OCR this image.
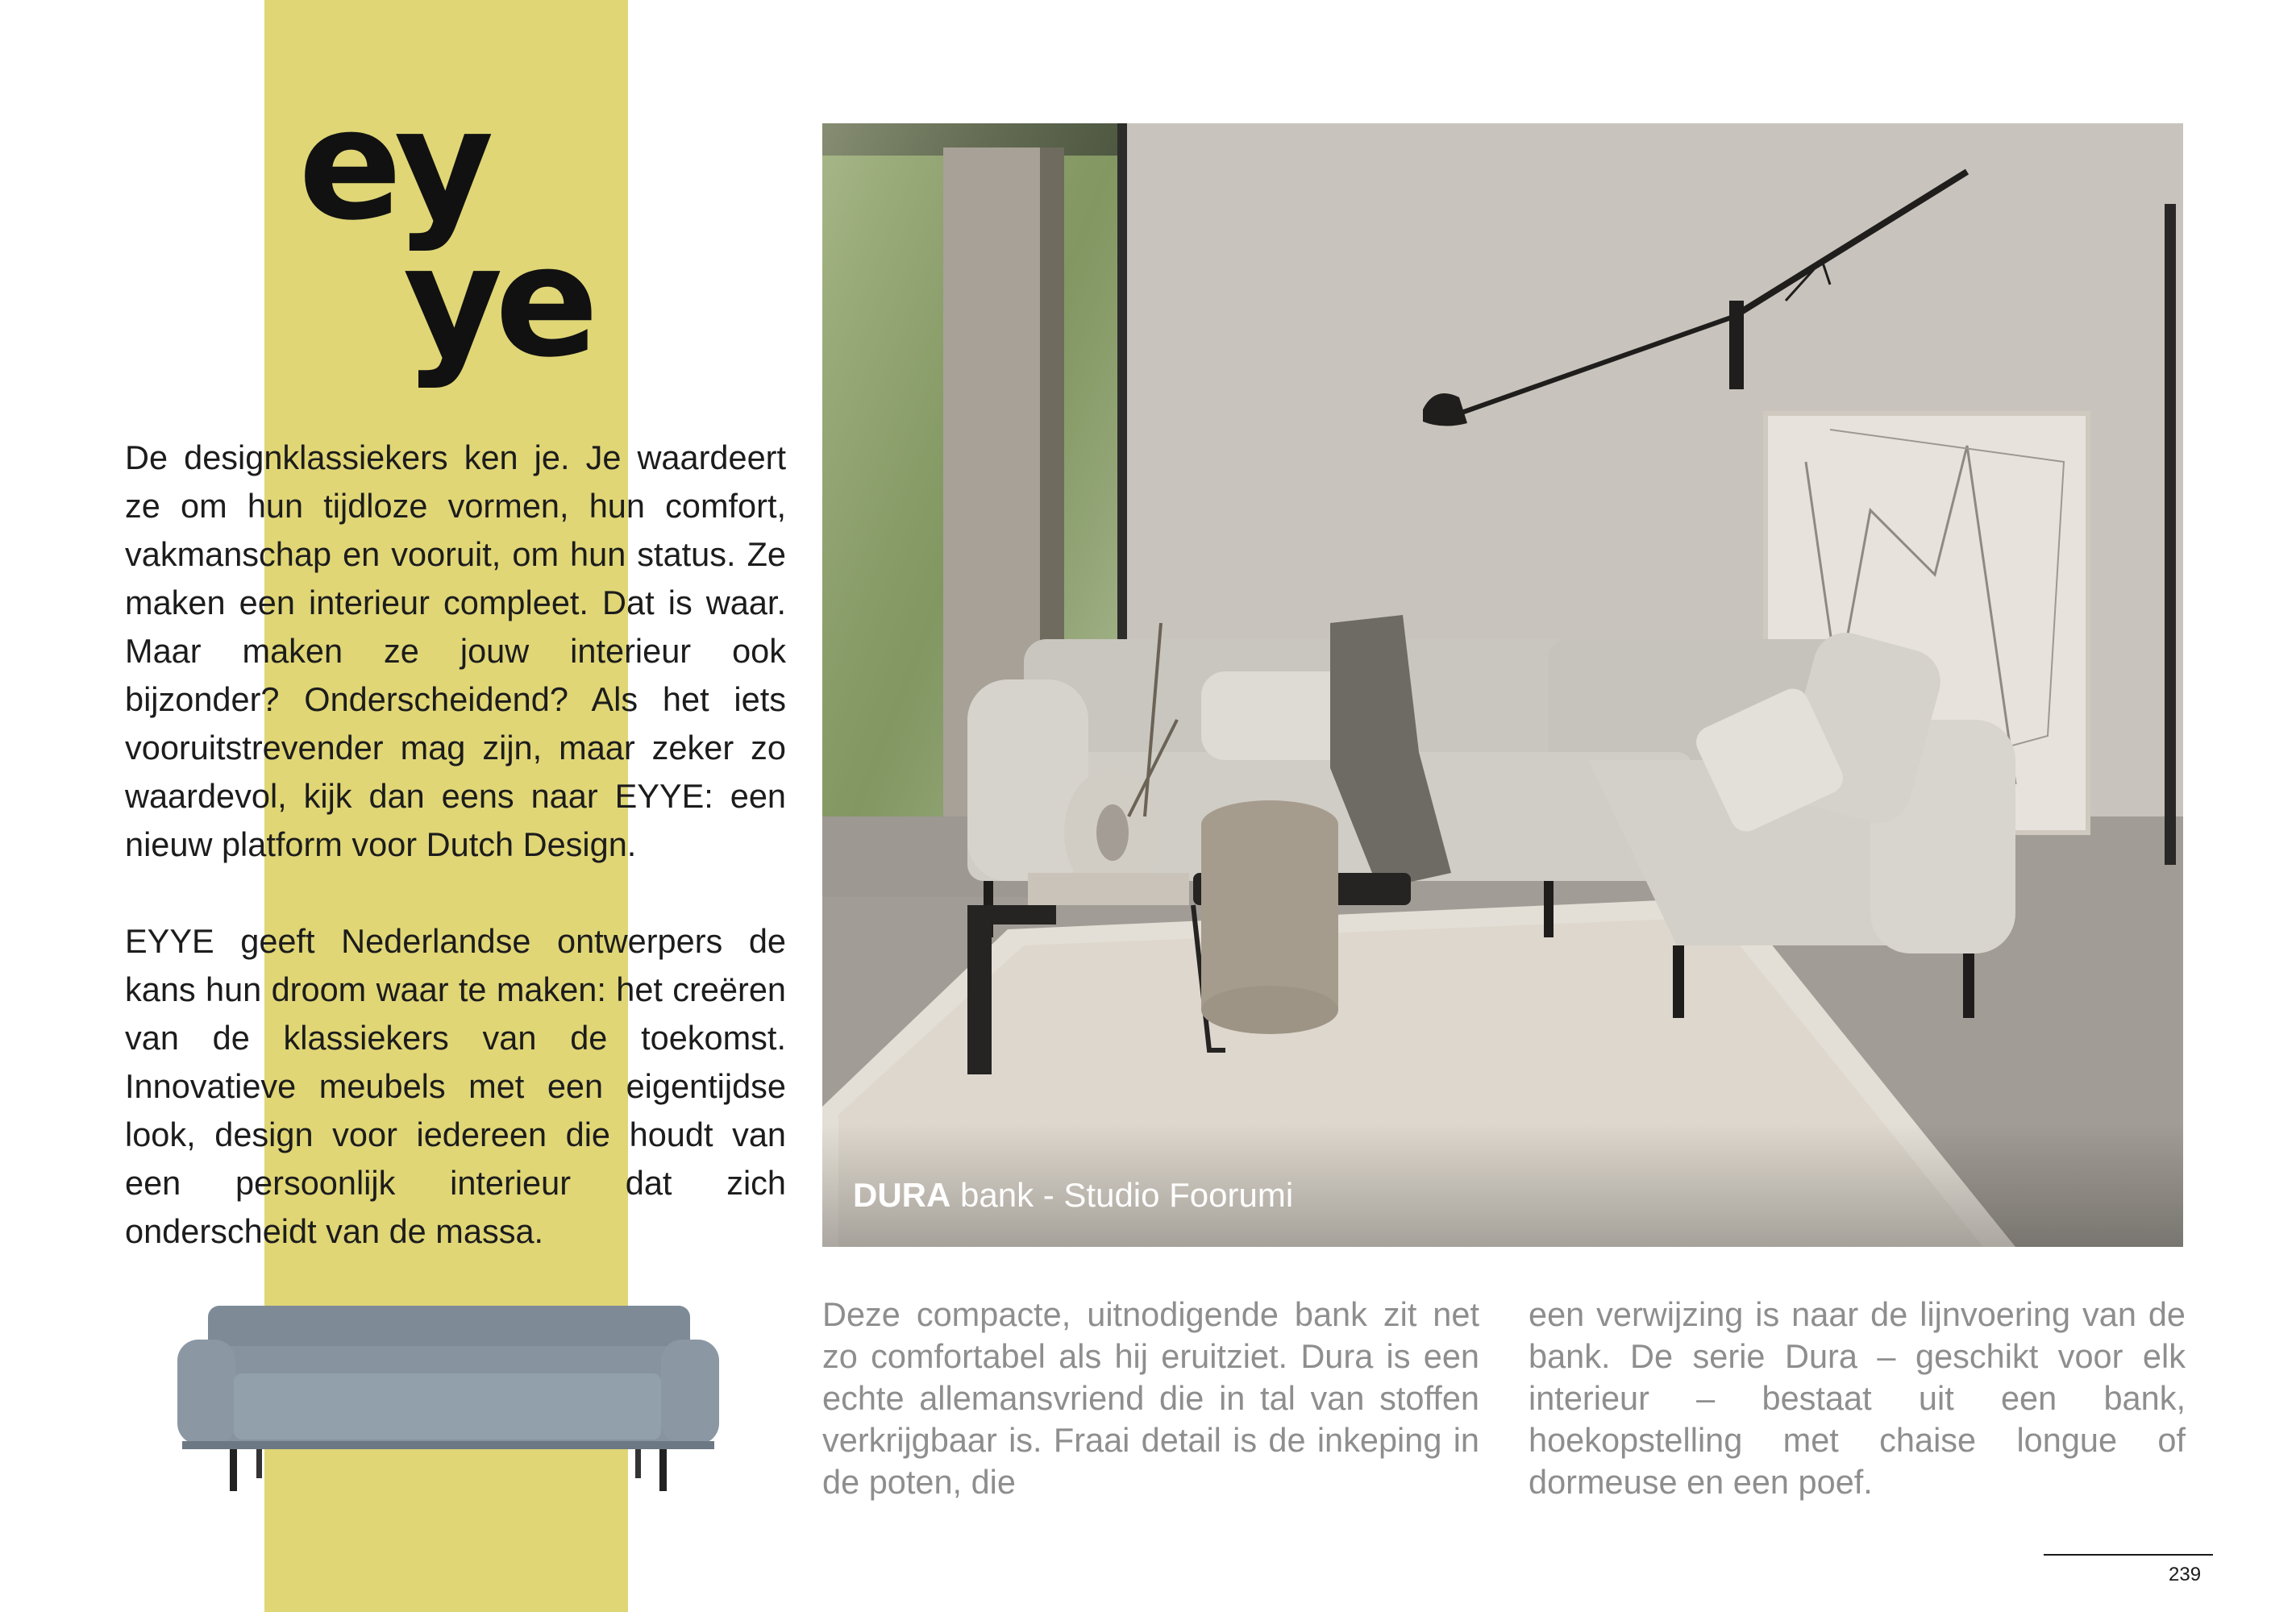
ey
ye

De designklassiekers ken je. Je waardeert ze om hun tijdloze vormen, hun comfort, vakmanschap en vooruit, om hun status. Ze maken een interieur compleet. Dat is waar. Maar maken ze jouw interieur ook bijzonder? Onderscheidend? Als het iets vooruitstrevender mag zijn, maar zeker zo waardevol, kijk dan eens naar EYYE: een nieuw platform voor Dutch Design.

EYYE geeft Nederlandse ontwerpers de kans hun droom waar te maken: het creëren van de klassiekers van de toekomst. Innovatieve meubels met een eigentijdse look, design voor iedereen die houdt van een persoonlijk interieur dat zich onderscheidt van de massa.

DURA bank - Studio Foorumi
Deze compacte, uitnodigende bank zit net zo comfortabel als hij eruitziet. Dura is een echte allemansvriend die in tal van stoffen verkrijgbaar is. Fraai detail is de inkeping in de poten, die
een verwijzing is naar de lijnvoering van de bank. De serie Dura – geschikt voor elk interieur – bestaat uit een bank, hoekopstelling met chaise longue of dormeuse en een poef.
239
